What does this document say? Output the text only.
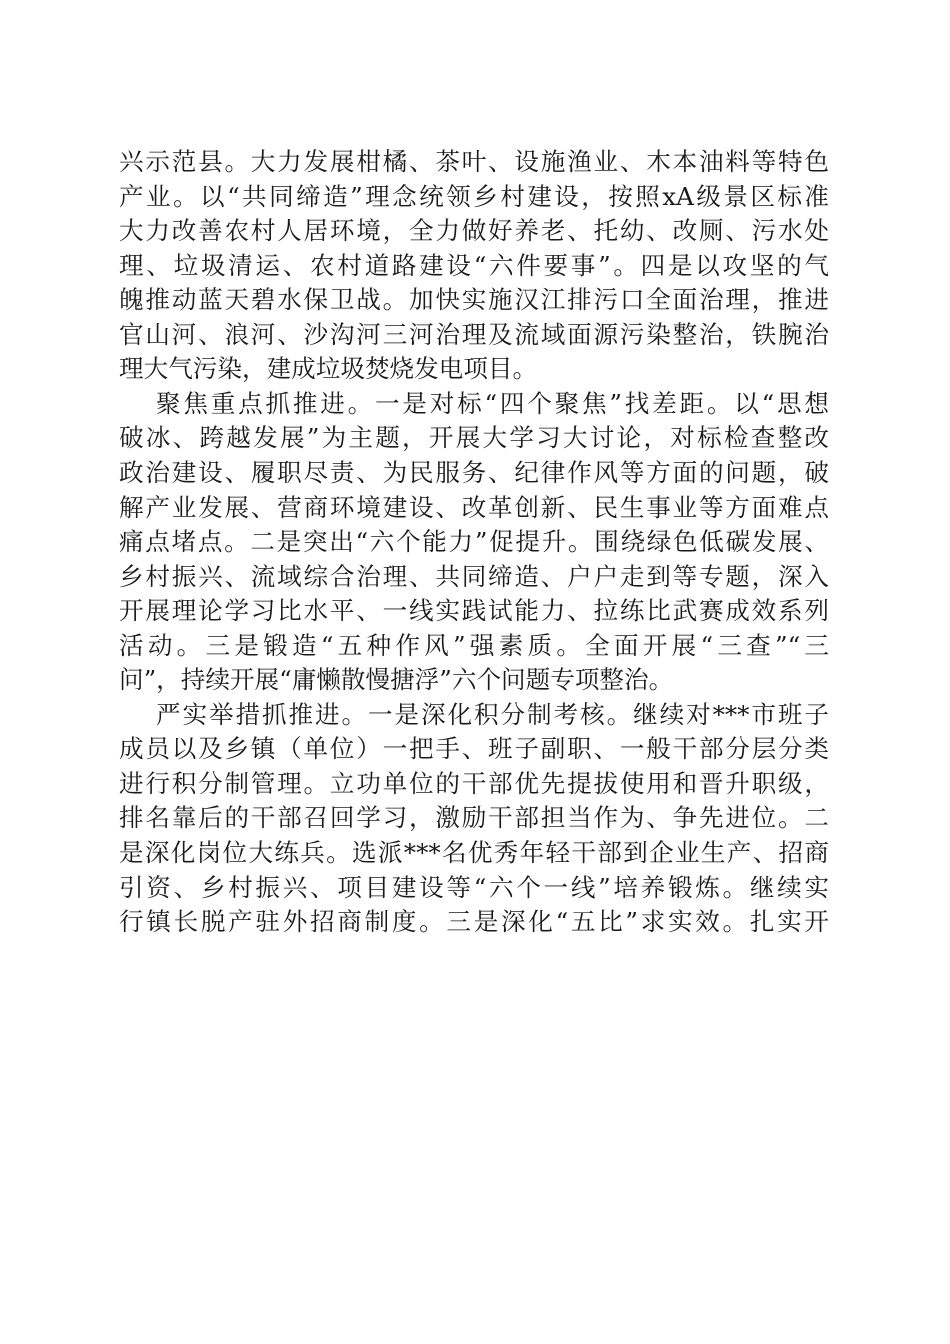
兴示范县。大力发展柑橘、茶叶、设施渔业、木本油料等特色
产业。以“共同缔造”理念统领乡村建设，按照xA级景区标准
大力改善农村人居环境，全力做好养老、托幼、改厕、污水处
理、垃圾清运、农村道路建设“六件要事”。四是以攻坚的气
魄推动蓝天碧水保卫战。加快实施汉江排污口全面治理，推进
官山河、浪河、沙沟河三河治理及流域面源污染整治，铁腕治
理大气污染，建成垃圾焚烧发电项目。
聚焦重点抓推进。一是对标“四个聚焦”找差距。以“思想
破冰、跨越发展”为主题，开展大学习大讨论，对标检查整改
政治建设、履职尽责、为民服务、纪律作风等方面的问题，破
解产业发展、营商环境建设、改革创新、民生事业等方面难点
痛点堵点。二是突出“六个能力”促提升。围绕绿色低碳发展、
乡村振兴、流域综合治理、共同缔造、户户走到等专题，深入
开展理论学习比水平、一线实践试能力、拉练比武赛成效系列
活动。三是锻造“五种作风”强素质。全面开展“三查”“三
问”，持续开展“庸懒散慢搪浮”六个问题专项整治。
严实举措抓推进。一是深化积分制考核。继续对***市班子
成员以及乡镇（单位）一把手、班子副职、一般干部分层分类
进行积分制管理。立功单位的干部优先提拔使用和晋升职级，
排名靠后的干部召回学习，激励干部担当作为、争先进位。二
是深化岗位大练兵。选派***名优秀年轻干部到企业生产、招商
引资、乡村振兴、项目建设等“六个一线”培养锻炼。继续实
行镇长脱产驻外招商制度。三是深化“五比”求实效。扎实开
